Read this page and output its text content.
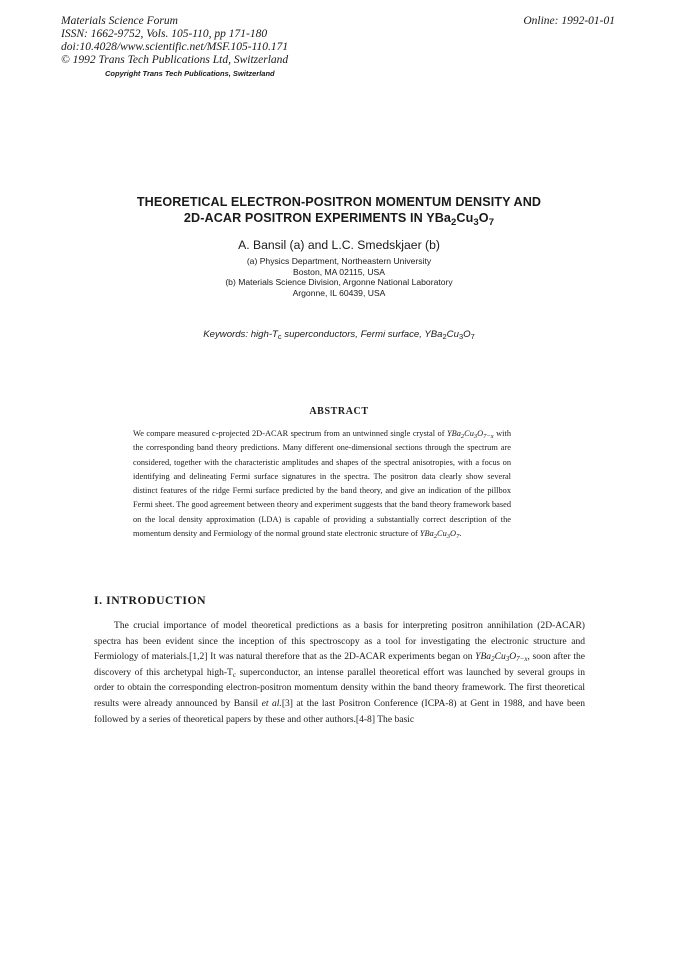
Materials Science Forum
ISSN: 1662-9752, Vols. 105-110, pp 171-180
doi:10.4028/www.scientific.net/MSF.105-110.171
© 1992 Trans Tech Publications Ltd, Switzerland
Online: 1992-01-01
Copyright Trans Tech Publications, Switzerland
THEORETICAL ELECTRON-POSITRON MOMENTUM DENSITY AND
2D-ACAR POSITRON EXPERIMENTS IN $YBa_2Cu_3O_7$
A. Bansil (a) and L.C. Smedskjaer (b)
(a) Physics Department, Northeastern University
Boston, MA 02115, USA
(b) Materials Science Division, Argonne National Laboratory
Argonne, IL 60439, USA
Keywords: high-$T_c$ superconductors, Fermi surface, $YBa_2Cu_3O_7$
ABSTRACT
We compare measured c-projected 2D-ACAR spectrum from an untwinned single crystal of $YBa_2Cu_3O_{7-x}$ with the corresponding band theory predictions. Many different one-dimensional sections through the spectrum are considered, together with the characteristic amplitudes and shapes of the spectral anisotropies, with a focus on identifying and delineating Fermi surface signatures in the spectra. The positron data clearly show several distinct features of the ridge Fermi surface predicted by the band theory, and give an indication of the pillbox Fermi sheet. The good agreement between theory and experiment suggests that the band theory framework based on the local density approximation (LDA) is capable of providing a substantially correct description of the momentum density and Fermiology of the normal ground state electronic structure of $YBa_2Cu_3O_7$.
I. INTRODUCTION
The crucial importance of model theoretical predictions as a basis for interpreting positron annihilation (2D-ACAR) spectra has been evident since the inception of this spectroscopy as a tool for investigating the electronic structure and Fermiology of materials.[1,2] It was natural therefore that as the 2D-ACAR experiments began on $YBa_2Cu_3O_{7-x}$, soon after the discovery of this archetypal high-$T_c$ superconductor, an intense parallel theoretical effort was launched by several groups in order to obtain the corresponding electron-positron momentum density within the band theory framework. The first theoretical results were already announced by Bansil et al.[3] at the last Positron Conference (ICPA-8) at Gent in 1988, and have been followed by a series of theoretical papers by these and other authors.[4-8] The basic
